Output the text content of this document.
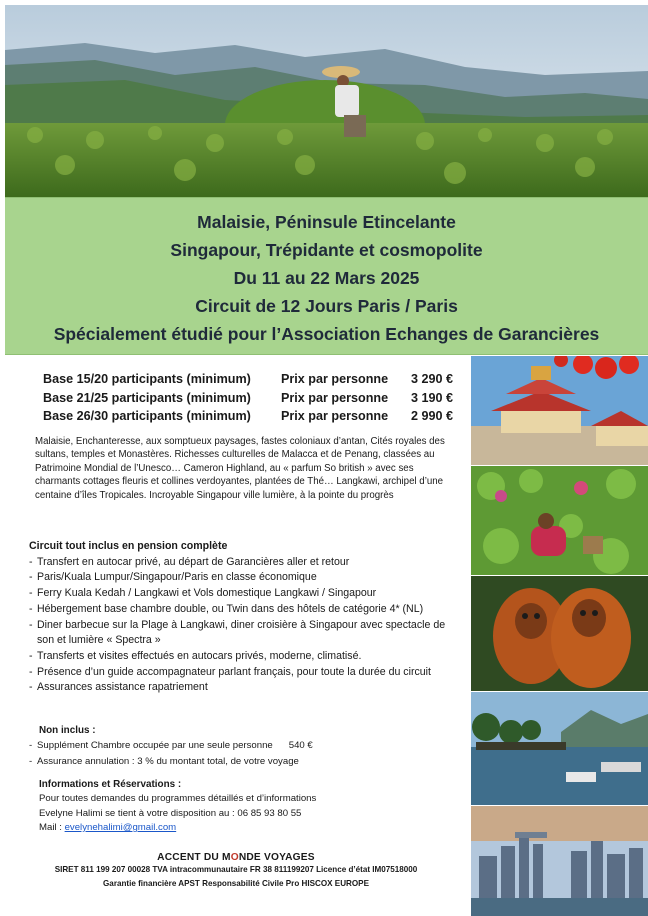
Malaisie, Péninsule Etincelante
Singapour, Trépidante et cosmopolite
Du 11 au 22 Mars 2025
Circuit de 12 Jours Paris / Paris
Spécialement étudié pour l’Association Echanges de Garancières
Base 15/20 participants (minimum)	Prix par personne	3 290 €
Base 21/25 participants (minimum)	Prix par personne	3 190 €
Base 26/30 participants (minimum)	Prix par personne	2 990 €

Malaisie, Enchanteresse, aux somptueux paysages, fastes coloniaux d’antan, Cités royales des sultans, temples et Monastères. Richesses culturelles de Malacca et de Penang, classées au Patrimoine Mondial de l’Unesco… Cameron Highland, au « parfum So british » avec ses charmants cottages fleuris et collines verdoyantes, plantées de Thé… Langkawi, archipel d’une centaine d’îles Tropicales. Incroyable Singapour ville lumière, à la pointe du progrès

Circuit tout inclus en pension complète
- Transfert en autocar privé, au départ de Garancières aller et retour
- Paris/Kuala Lumpur/Singapour/Paris en classe économique
- Ferry Kuala Kedah / Langkawi et Vols domestique Langkawi / Singapour
- Hébergement base chambre double, ou Twin dans des hôtels de catégorie 4* (NL)
- Diner barbecue sur la Plage à Langkawi, diner croisière à Singapour avec spectacle de son et lumière « Spectra »
- Transferts et visites effectués en autocars privés, moderne, climatisé.
- Présence d’un guide accompagnateur parlant français, pour toute la durée du circuit
- Assurances assistance rapatriement
Non inclus :
- Supplément Chambre occupée par une seule personne 540 €
- Assurance annulation : 3 % du montant total, de votre voyage
Informations et Réservations :
Pour toutes demandes du programmes détaillés et d’informations
Evelyne Halimi se tient à votre disposition au : 06 85 93 80 55
Mail : evelynehalimi@gmail.com
ACCENT DU MONDE VOYAGES
SIRET 811 199 207 00028 TVA intracommunautaire FR 38 811199207 Licence d’état IM07518000
Garantie financière APST Responsabilité Civile Pro HISCOX EUROPE
